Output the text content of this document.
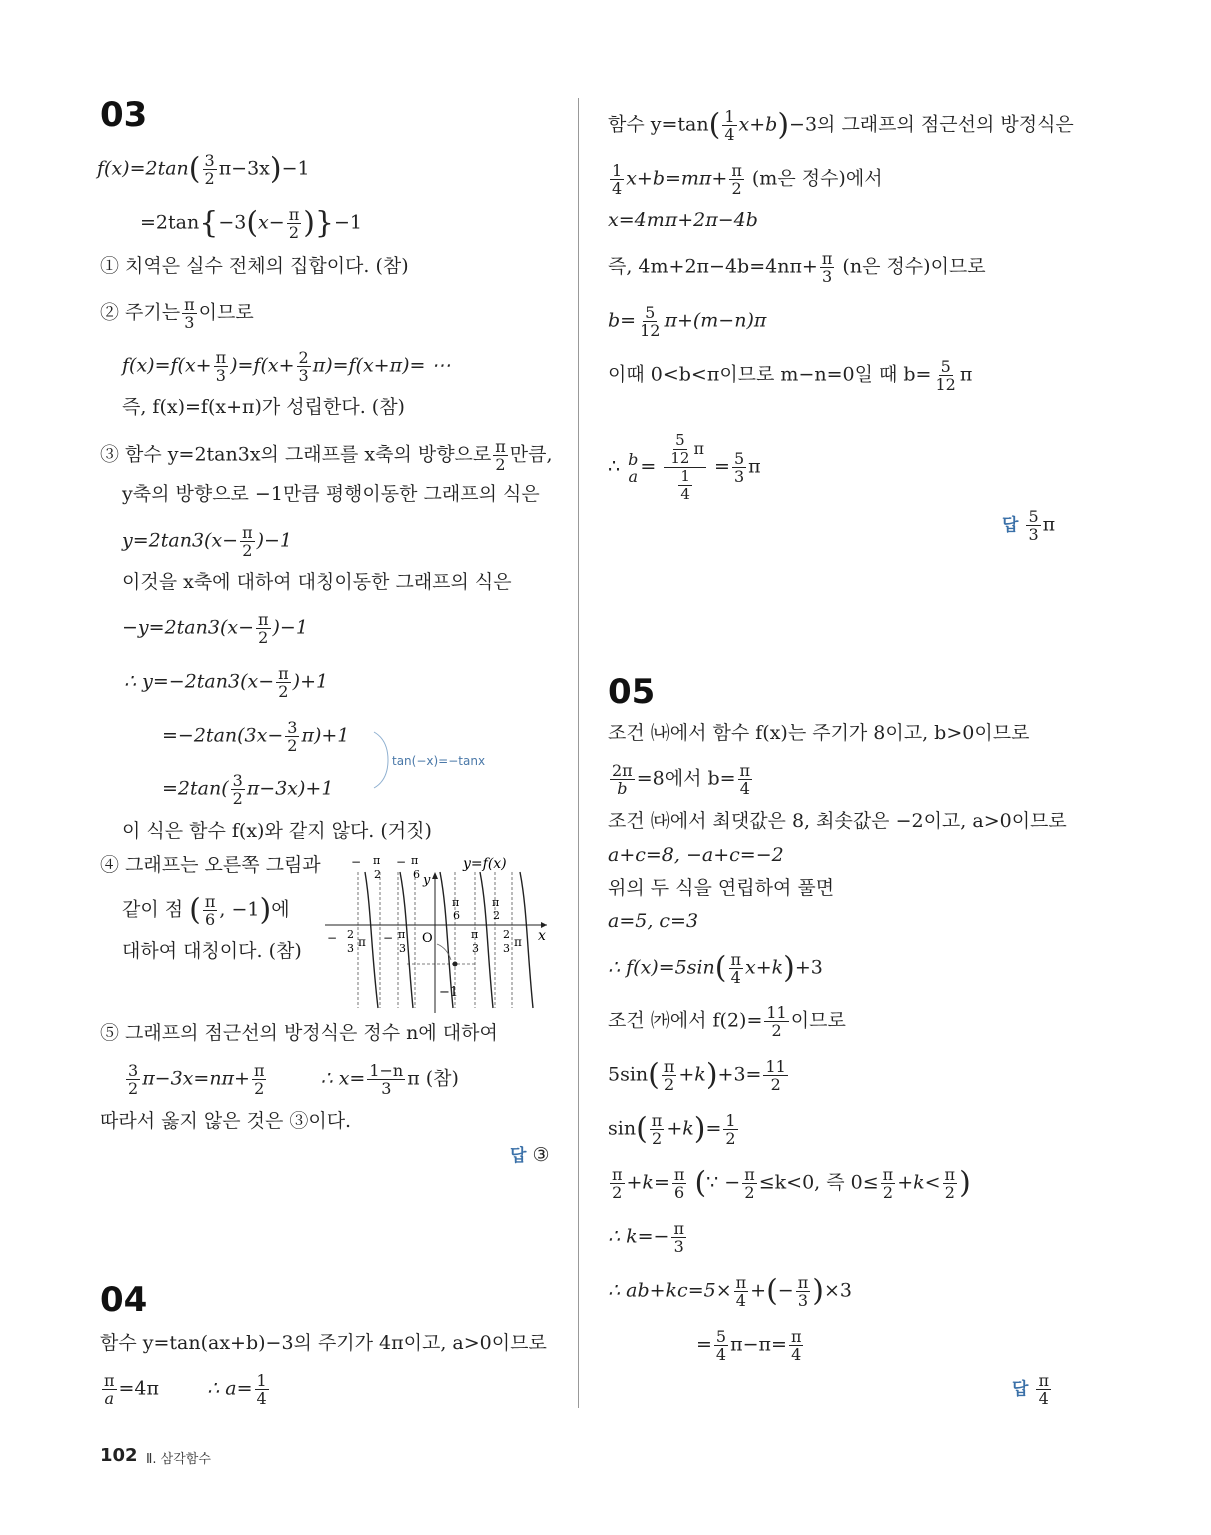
03
$f(x)=2\tan( \frac{3}{2} \pi-3x)-1$
$=2\tan\{-3(x- \frac{\pi}{2} )\}-1$
① 치역은 실수 전체의 집합이다. (참)
② 주기는 $\frac{\pi}{3}$ 이므로
$f(x)=f(x+ \frac{\pi}{3} )=f(x+ \frac{2}{3} \pi)=f(x+\pi)=$ ⋯
즉, f(x)=f(x+π)가 성립한다. (참)
③ 함수 y=2tan3x의 그래프를 x축의 방향으로 $\frac{\pi}{2}$ 만큼,
y축의 방향으로 −1만큼 평행이동한 그래프의 식은
$y=2\tan 3(x- \frac{\pi}{2} )-1$
이것을 x축에 대하여 대칭이동한 그래프의 식은
$-y=2\tan 3(x- \frac{\pi}{2} )-1$
∴ $y=-2\tan 3(x- \frac{\pi}{2} )+1$
$=-2\tan(3x- \frac{3}{2} \pi)+1$
$=2\tan( \frac{3}{2} \pi-3x)+1$
tan(−x)=−tanx
이 식은 함수 f(x)와 같지 않다. (거짓)
④ 그래프는 오른쪽 그림과
같이 점 ( $\frac{\pi}{6}$ , −1)에
대하여 대칭이다. (참)
y=f(x)
y
x
O
−1
− π
2
− π
6
π
6
π
2
− 2
3 π − π
3
π
3
2
3 π
⑤ 그래프의 점근선의 방정식은 정수 n에 대하여
$\frac{3}{2} \pi-3x=n\pi+ \frac{\pi}{2}$	∴ $x= \frac{1-n}{3}$ π (참)
따라서 옳지 않은 것은 ③이다.
답 ③
04
함수 y=tan(ax+b)−3의 주기가 4π이고, a>0이므로
$\frac{\pi}{a} =4\pi$	∴ $a= \frac{1}{4}$
함수 $y=\tan( \frac{1}{4} x+b)-3$의 그래프의 점근선의 방정식은
$\frac{1}{4} x+b=m\pi+ \frac{\pi}{2} (m$은 정수)에서
x=4mπ+2π−4b
즉, $4m+2\pi-4b=4n\pi+ \frac{\pi}{3} (n$은 정수)이므로
$b= \frac{5}{12} \pi+(m-n)\pi$
이때 0<b<π이므로 m−n=0일 때 $b= \frac{5}{12}$ π
∴ b
$a = \frac{\frac{5}{12} \pi}{\frac{1}{4}} = \frac{5}{3}$ π
답 $\frac{5}{3}$ π
05
조건 ㈏에서 함수 f(x)는 주기가 8이고, b>0이므로
$\frac{2\pi}{b} =8$에서 $b= \frac{\pi}{4}$
조건 ㈐에서 최댓값은 8, 최솟값은 −2이고, a>0이므로
a+c=8, −a+c=−2
위의 두 식을 연립하여 풀면
a=5, c=3
∴ $f(x)=5\sin( \frac{\pi}{4} x+k)+3$
조건 ㈎에서 $f(2)= \frac{11}{2}$ 이므로
$5\sin( \frac{\pi}{2} +k)+3= \frac{11}{2}$
$\sin( \frac{\pi}{2} +k)= \frac{1}{2}$
$\frac{\pi}{2} +k= \frac{\pi}{6}$ (∵ − $\frac{\pi}{2} \le k<0$, 즉 $0\le \frac{\pi}{2} +k< \frac{\pi}{2}$ )
∴ $k=- \frac{\pi}{3}$
∴ $ab+kc=5\times \frac{\pi}{4}$ +(− $\frac{\pi}{3} )\times 3$
= $\frac{5}{4} \pi-\pi= \frac{\pi}{4}$
답 $\frac{\pi}{4}$
102 Ⅱ. 삼각함수
